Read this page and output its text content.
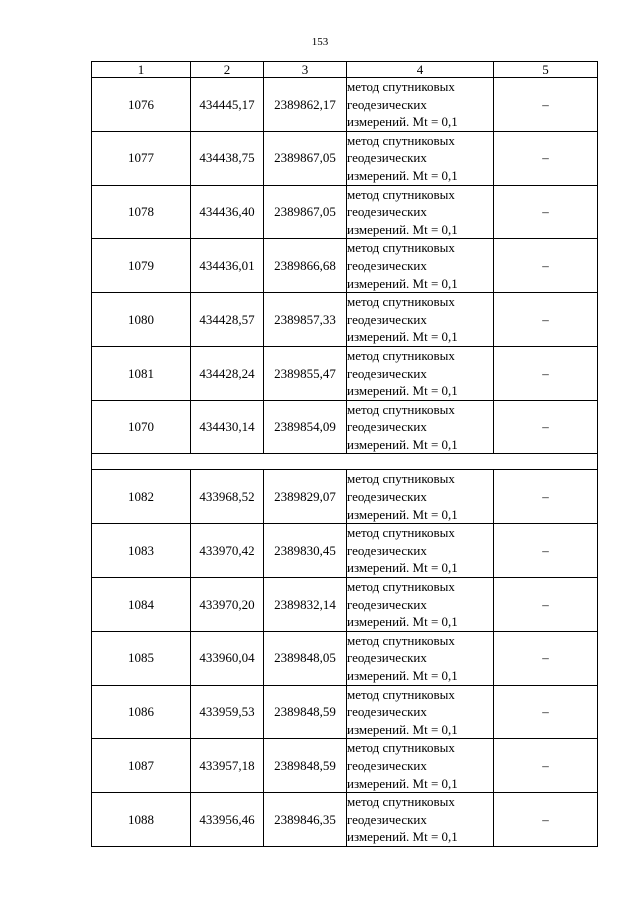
153
1	2	3	4	5
1076	434445,17	2389862,17	метод спутниковых
геодезических
измерений. Mt = 0,1	–
1077	434438,75	2389867,05	метод спутниковых
геодезических
измерений. Mt = 0,1	–
1078	434436,40	2389867,05	метод спутниковых
геодезических
измерений. Mt = 0,1	–
1079	434436,01	2389866,68	метод спутниковых
геодезических
измерений. Mt = 0,1	–
1080	434428,57	2389857,33	метод спутниковых
геодезических
измерений. Mt = 0,1	–
1081	434428,24	2389855,47	метод спутниковых
геодезических
измерений. Mt = 0,1	–
1070	434430,14	2389854,09	метод спутниковых
геодезических
измерений. Mt = 0,1	–

1082	433968,52	2389829,07	метод спутниковых
геодезических
измерений. Mt = 0,1	–
1083	433970,42	2389830,45	метод спутниковых
геодезических
измерений. Mt = 0,1	–
1084	433970,20	2389832,14	метод спутниковых
геодезических
измерений. Mt = 0,1	–
1085	433960,04	2389848,05	метод спутниковых
геодезических
измерений. Mt = 0,1	–
1086	433959,53	2389848,59	метод спутниковых
геодезических
измерений. Mt = 0,1	–
1087	433957,18	2389848,59	метод спутниковых
геодезических
измерений. Mt = 0,1	–
1088	433956,46	2389846,35	метод спутниковых
геодезических
измерений. Mt = 0,1	–
